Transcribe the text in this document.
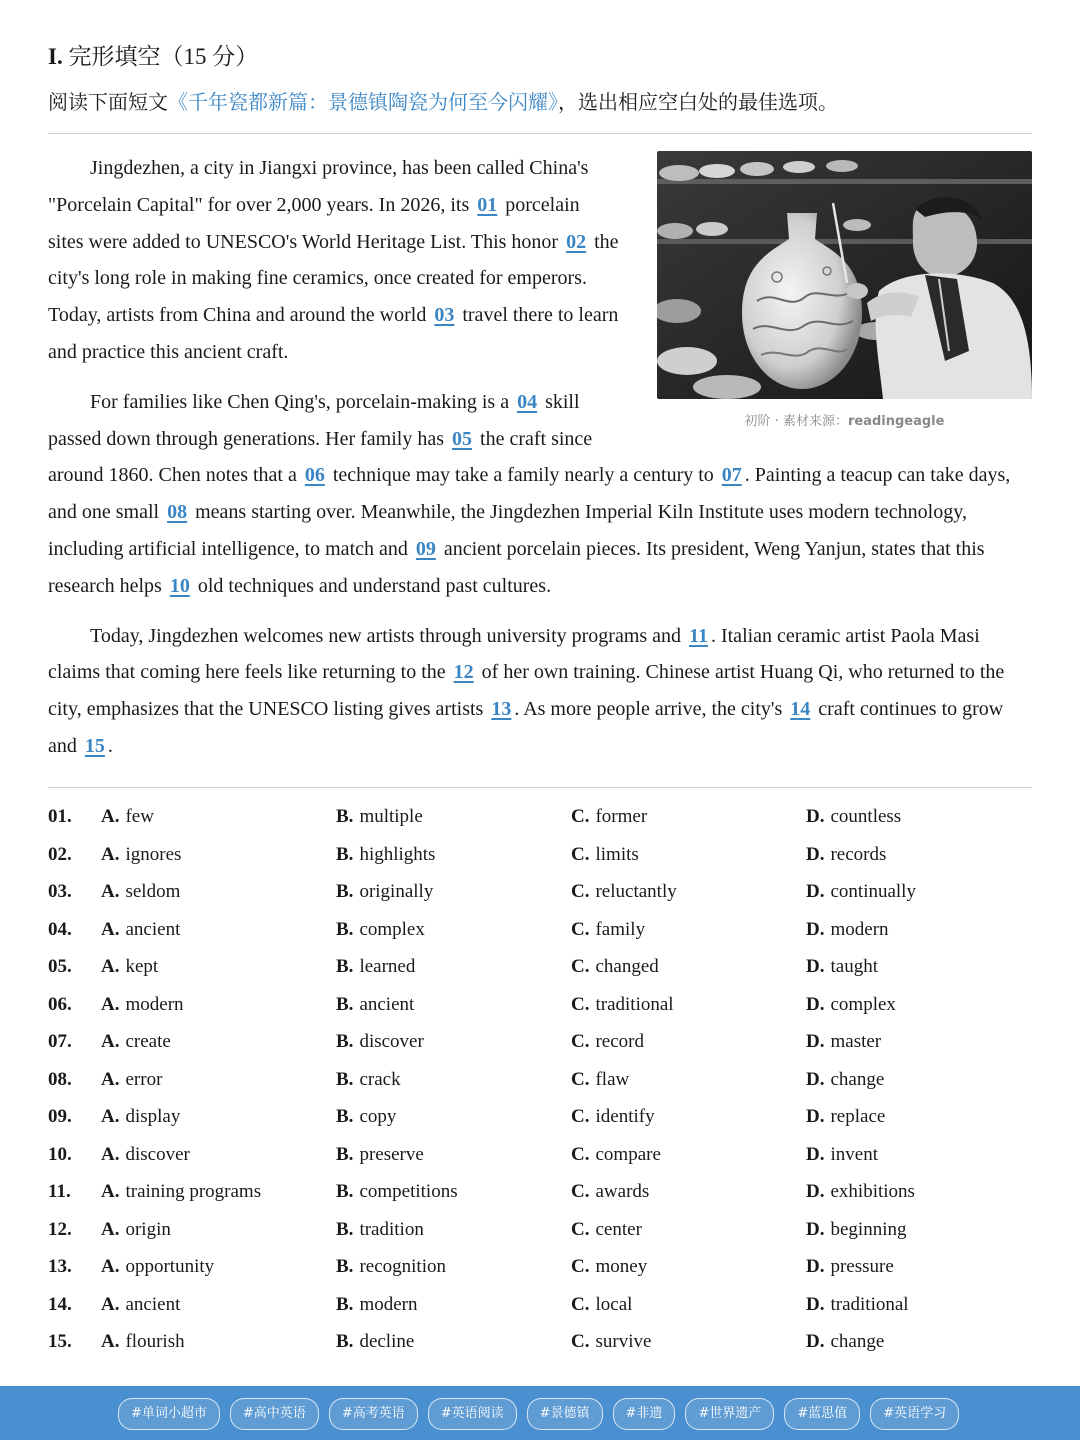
I. 完形填空（15 分）
阅读下面短文《千年瓷都新篇：景德镇陶瓷为何至今闪耀》，选出相应空白处的最佳选项。
初阶 · 素材来源：readingeagle

Jingdezhen, a city in Jiangxi province, has been called China's "Porcelain Capital" for over 2,000 years. In 2026, its 01 porcelain sites were added to UNESCO's World Heritage List. This honor 02 the city's long role in making fine ceramics, once created for emperors. Today, artists from China and around the world 03 travel there to learn and practice this ancient craft.

For families like Chen Qing's, porcelain-making is a 04 skill passed down through generations. Her family has 05 the craft since around 1860. Chen notes that a 06 technique may take a family nearly a century to 07 . Painting a teacup can take days, and one small 08 means starting over. Meanwhile, the Jingdezhen Imperial Kiln Institute uses modern technology, including artificial intelligence, to match and 09 ancient porcelain pieces. Its president, Weng Yanjun, states that this research helps 10 old techniques and understand past cultures.

Today, Jingdezhen welcomes new artists through university programs and 11 . Italian ceramic artist Paola Masi claims that coming here feels like returning to the 12 of her own training. Chinese artist Huang Qi, who returned to the city, emphasizes that the UNESCO listing gives artists 13 . As more people arrive, the city's 14 craft continues to grow and 15 .

01. A. few	B. multiple	C. former	D. countless
02. A. ignores	B. highlights	C. limits	D. records
03. A. seldom	B. originally	C. reluctantly	D. continually
04. A. ancient	B. complex	C. family	D. modern
05. A. kept	B. learned	C. changed	D. taught
06. A. modern	B. ancient	C. traditional	D. complex
07. A. create	B. discover	C. record	D. master
08. A. error	B. crack	C. flaw	D. change
09. A. display	B. copy	C. identify	D. replace
10. A. discover	B. preserve	C. compare	D. invent
11. A. training programs	B. competitions	C. awards	D. exhibitions
12. A. origin	B. tradition	C. center	D. beginning
13. A. opportunity	B. recognition	C. money	D. pressure
14. A. ancient	B. modern	C. local	D. traditional
15. A. flourish	B. decline	C. survive	D. change
#单词小超市	#高中英语	#高考英语	#英语阅读	#景德镇	#非遗	#世界遗产	#蓝思值	#英语学习
